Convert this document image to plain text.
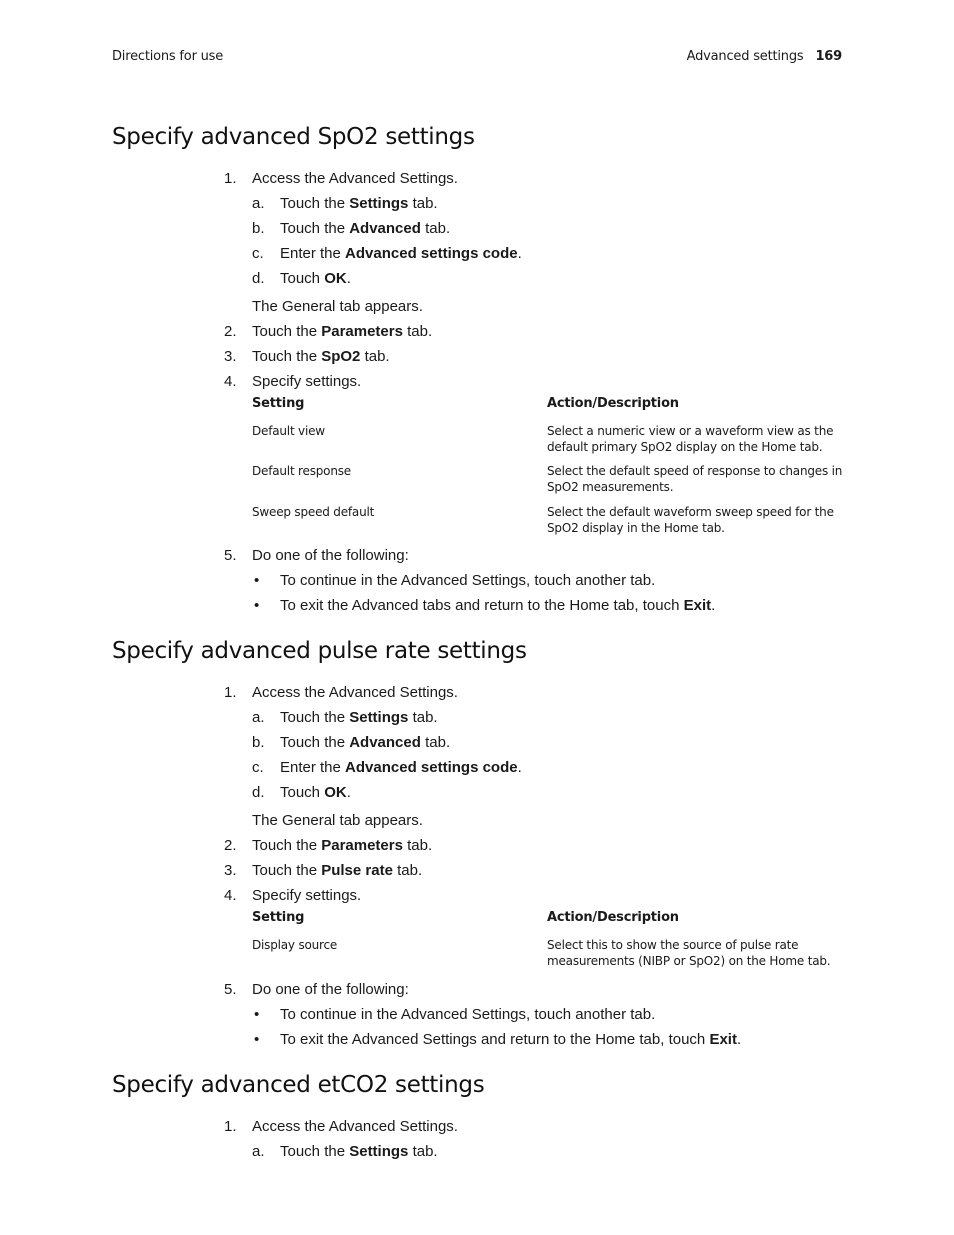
Directions for use	Advanced settings 169
Specify advanced SpO2 settings
1. Access the Advanced Settings.
a. Touch the Settings tab.
b. Touch the Advanced tab.
c. Enter the Advanced settings code.
d. Touch OK.
The General tab appears.
2. Touch the Parameters tab.
3. Touch the SpO2 tab.
4. Specify settings.
Setting	Action/Description
Default view	Select a numeric view or a waveform view as the default primary SpO2 display on the Home tab.
Default response	Select the default speed of response to changes in SpO2 measurements.
Sweep speed default	Select the default waveform sweep speed for the SpO2 display in the Home tab.
5. Do one of the following:
• To continue in the Advanced Settings, touch another tab.
• To exit the Advanced tabs and return to the Home tab, touch Exit.
Specify advanced pulse rate settings
1. Access the Advanced Settings.
a. Touch the Settings tab.
b. Touch the Advanced tab.
c. Enter the Advanced settings code.
d. Touch OK.
The General tab appears.
2. Touch the Parameters tab.
3. Touch the Pulse rate tab.
4. Specify settings.
Setting	Action/Description
Display source	Select this to show the source of pulse rate measurements (NIBP or SpO2) on the Home tab.
5. Do one of the following:
• To continue in the Advanced Settings, touch another tab.
• To exit the Advanced Settings and return to the Home tab, touch Exit.
Specify advanced etCO2 settings
1. Access the Advanced Settings.
a. Touch the Settings tab.
